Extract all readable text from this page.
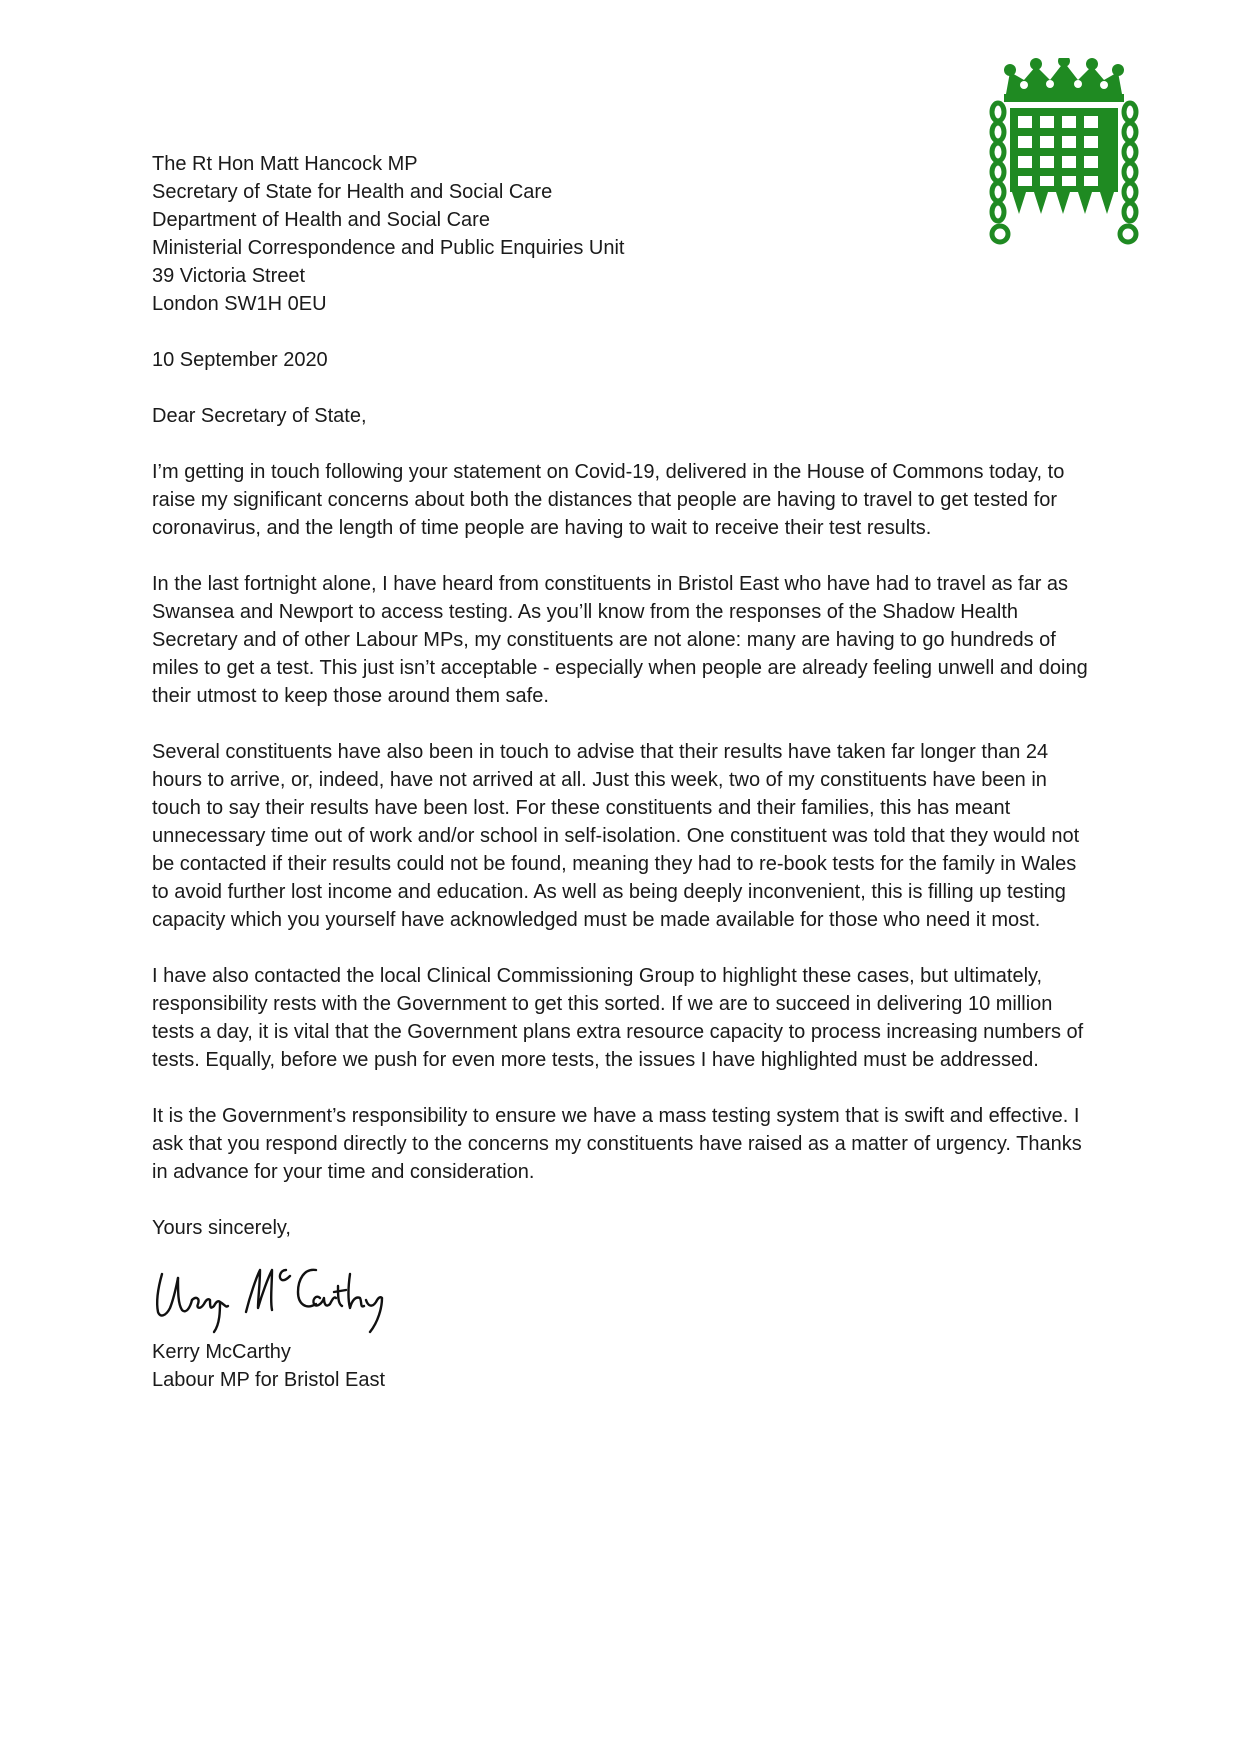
The Rt Hon Matt Hancock MP
Secretary of State for Health and Social Care
Department of Health and Social Care
Ministerial Correspondence and Public Enquiries Unit
39 Victoria Street
London SW1H 0EU
10 September 2020
Dear Secretary of State,

I’m getting in touch following your statement on Covid-19, delivered in the House of Commons today, to raise my significant concerns about both the distances that people are having to travel to get tested for coronavirus, and the length of time people are having to wait to receive their test results.

In the last fortnight alone, I have heard from constituents in Bristol East who have had to travel as far as Swansea and Newport to access testing. As you’ll know from the responses of the Shadow Health Secretary and of other Labour MPs, my constituents are not alone: many are having to go hundreds of miles to get a test. This just isn’t acceptable - especially when people are already feeling unwell and doing their utmost to keep those around them safe.

Several constituents have also been in touch to advise that their results have taken far longer than 24 hours to arrive, or, indeed, have not arrived at all. Just this week, two of my constituents have been in touch to say their results have been lost. For these constituents and their families, this has meant unnecessary time out of work and/or school in self-isolation. One constituent was told that they would not be contacted if their results could not be found, meaning they had to re-book tests for the family in Wales to avoid further lost income and education. As well as being deeply inconvenient, this is filling up testing capacity which you yourself have acknowledged must be made available for those who need it most.

I have also contacted the local Clinical Commissioning Group to highlight these cases, but ultimately, responsibility rests with the Government to get this sorted. If we are to succeed in delivering 10 million tests a day, it is vital that the Government plans extra resource capacity to process increasing numbers of tests. Equally, before we push for even more tests, the issues I have highlighted must be addressed.

It is the Government’s responsibility to ensure we have a mass testing system that is swift and effective. I ask that you respond directly to the concerns my constituents have raised as a matter of urgency. Thanks in advance for your time and consideration.

Yours sincerely,
Kerry McCarthy
Labour MP for Bristol East
